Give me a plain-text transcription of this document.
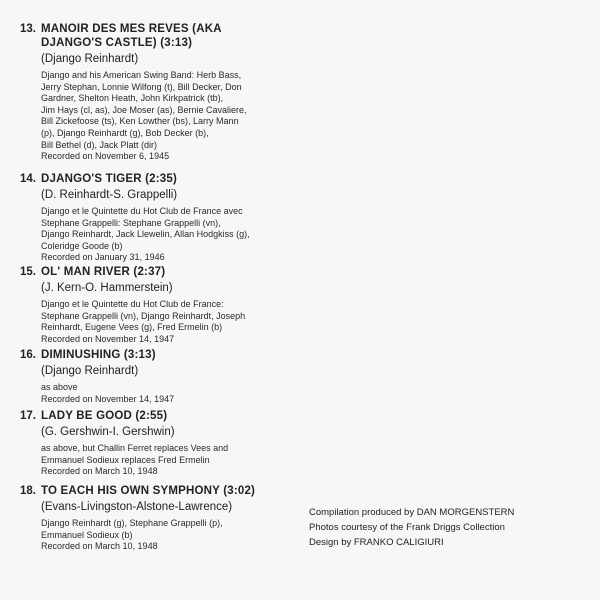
13. MANOIR DES MES REVES (AKA
DJANGO'S CASTLE) (3:13)
(Django Reinhardt)
Django and his American Swing Band: Herb Bass,
Jerry Stephan, Lonnie Wilfong (t), Bill Decker, Don
Gardner, Shelton Heath, John Kirkpatrick (tb),
Jim Hays (cl, as), Joe Moser (as), Bernie Cavaliere,
Bill Zickefoose (ts), Ken Lowther (bs), Larry Mann
(p), Django Reinhardt (g), Bob Decker (b),
Bill Bethel (d), Jack Platt (dir)
Recorded on November 6, 1945
14. DJANGO'S TIGER (2:35)
(D. Reinhardt-S. Grappelli)
Django et le Quintette du Hot Club de France avec
Stephane Grappelli: Stephane Grappelli (vn),
Django Reinhardt, Jack Llewelin, Allan Hodgkiss (g),
Coleridge Goode (b)
Recorded on January 31, 1946
15. OL' MAN RIVER (2:37)
(J. Kern-O. Hammerstein)
Django et le Quintette du Hot Club de France:
Stephane Grappelli (vn), Django Reinhardt, Joseph
Reinhardt, Eugene Vees (g), Fred Ermelin (b)
Recorded on November 14, 1947
16. DIMINUSHING (3:13)
(Django Reinhardt)
as above
Recorded on November 14, 1947
17. LADY BE GOOD (2:55)
(G. Gershwin-I. Gershwin)
as above, but Challin Ferret replaces Vees and
Emmanuel Sodieux replaces Fred Ermelin
Recorded on March 10, 1948
18. TO EACH HIS OWN SYMPHONY (3:02)
(Evans-Livingston-Alstone-Lawrence)
Django Reinhardt (g), Stephane Grappelli (p),
Emmanuel Sodieux (b)
Recorded on March 10, 1948
Compilation produced by DAN MORGENSTERN
Photos courtesy of the Frank Driggs Collection
Design by FRANKO CALIGIURI
